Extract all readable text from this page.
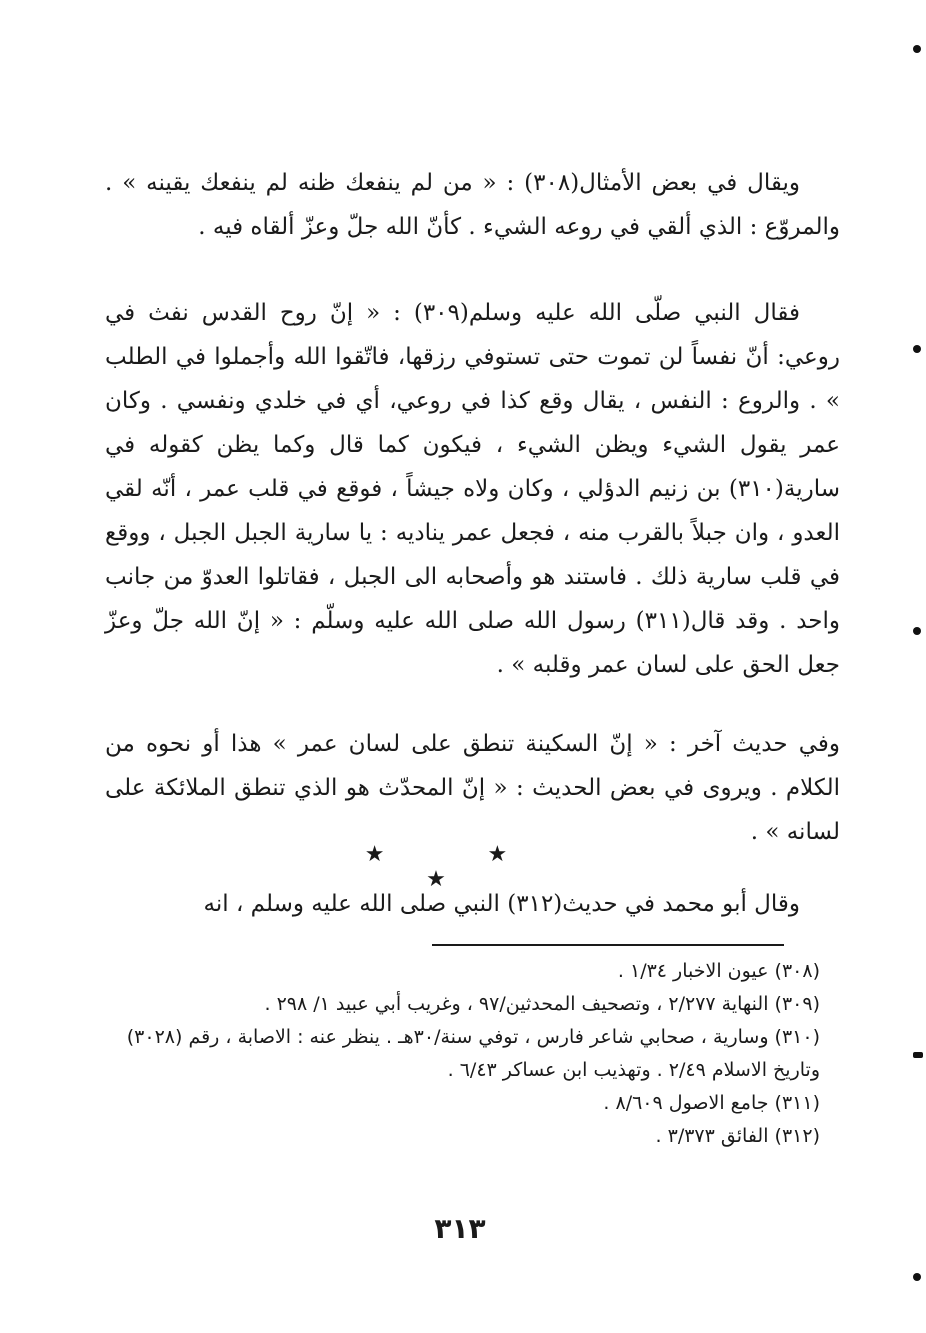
ويقال في بعض الأمثال(٣٠٨) : « من لم ينفعك ظنه لم ينفعك يقينه » . والمروّع : الذي ألقي في روعه الشيء . كأنّ الله جلّ وعزّ ألقاه فيه .

فقال النبي صلّى الله عليه وسلم(٣٠٩) : « إنّ روح القدس نفث في روعي: أنّ نفساً لن تموت حتى تستوفي رزقها، فاتّقوا الله وأجملوا في الطلب » . والروع : النفس ، يقال وقع كذا في روعي، أي في خلدي ونفسي . وكان عمر يقول الشيء ويظن الشيء ، فيكون كما قال وكما يظن كقوله في سارية(٣١٠) بن زنيم الدؤلي ، وكان ولاه جيشاً ، فوقع في قلب عمر ، أنّه لقي العدو ، وان جبلاً بالقرب منه ، فجعل عمر يناديه : يا سارية الجبل الجبل ، ووقع في قلب سارية ذلك . فاستند هو وأصحابه الى الجبل ، فقاتلوا العدوّ من جانب واحد . وقد قال(٣١١) رسول الله صلى الله عليه وسلّم : « إنّ الله جلّ وعزّ جعل الحق على لسان عمر وقلبه » .

وفي حديث آخر : « إنّ السكينة تنطق على لسان عمر » هذا أو نحوه من الكلام . ويروى في بعض الحديث : « إنّ المحدّث هو الذي تنطق الملائكة على لسانه » .

★ ★ ★

وقال أبو محمد في حديث(٣١٢) النبي صلى الله عليه وسلم ، انه

(٣٠٨) عيون الاخبار ١/٣٤ .
(٣٠٩) النهاية ٢/٢٧٧ ، وتصحيف المحدثين/٩٧ ، وغريب أبي عبيد ١/ ٢٩٨ .
(٣١٠) وسارية ، صحابي شاعر فارس ، توفي سنة/٣٠هـ . ينظر عنه : الاصابة ، رقم (٣٠٢٨) وتاريخ الاسلام ٢/٤٩ . وتهذيب ابن عساكر ٦/٤٣ .
(٣١١) جامع الاصول ٨/٦٠٩ .
(٣١٢) الفائق ٣/٣٧٣ .
٣١٣
